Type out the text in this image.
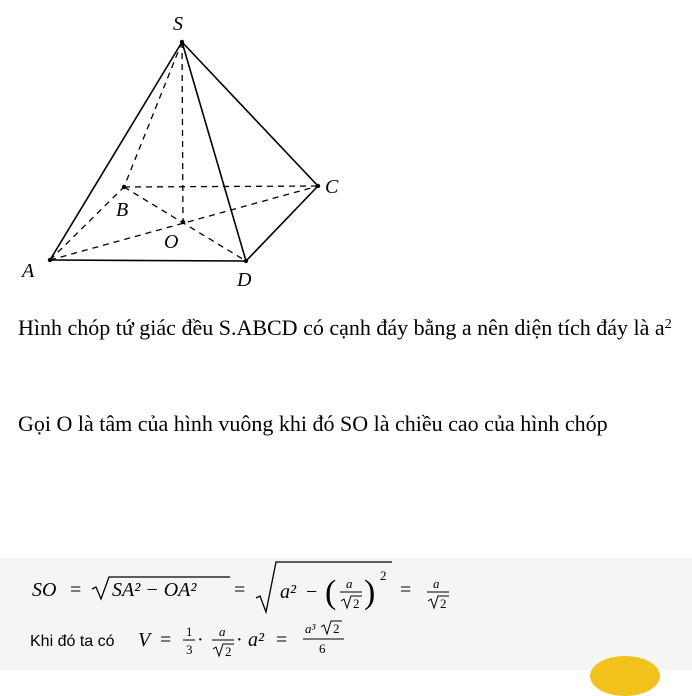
S
A
B
C
D
O
Hình chóp tứ giác đều S.ABCD có cạnh đáy bằng a nên diện tích đáy là $a^2$
Gọi O là tâm của hình vuông khi đó SO là chiều cao của hình chóp
SO = SA² − OA² = a² − ( a
2 ) 2
= a
2
Khi đó ta có V = 1
3 · a
2
· a² =
a³ 2
6
